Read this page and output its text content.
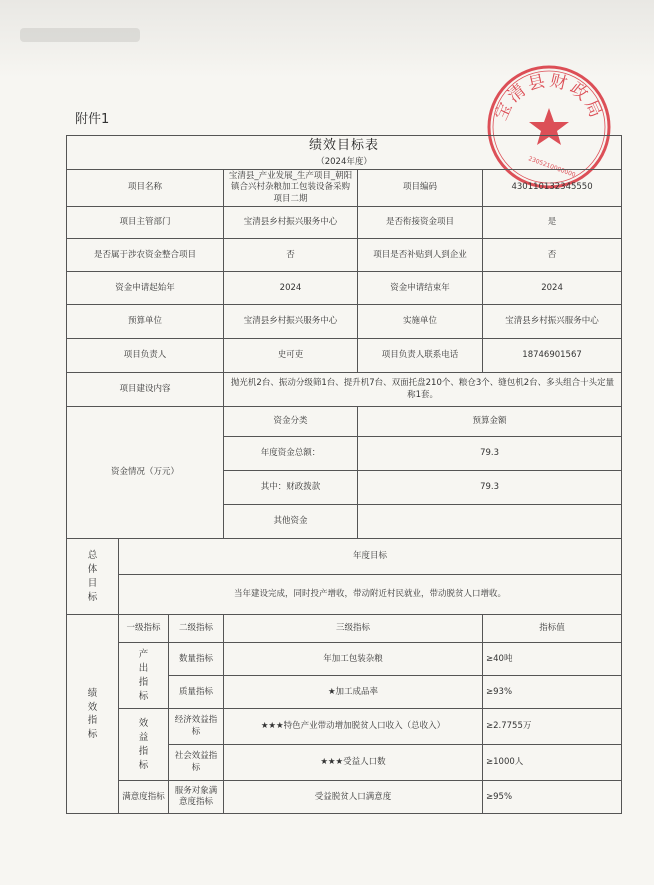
附件1	宝清县财政局
2305210000000
绩效目标表
（2024年度）					

项目名称			宝清县_产业发展_生产项目_朝阳镇合兴村杂粮加工包装设备采购项目二期	项目编码	430110132345550
项目主管部门			宝清县乡村振兴服务中心	是否衔接资金项目	是
是否属于涉农资金整合项目			否	项目是否补贴到人到企业	否
资金申请起始年			2024	资金申请结束年	2024
预算单位			宝清县乡村振兴服务中心	实施单位	宝清县乡村振兴服务中心
项目负责人			史可吏	项目负责人联系电话	18746901567
项目建设内容			抛光机2台、振动分级筛1台、提升机7台、双面托盘210个、粮仓3个、缝包机2台、多头组合十头定量称1套。		
资金情况（万元）			资金分类	预算金额	
			年度资金总额：	79.3	
			其中：财政拨款	79.3	
			其他资金		

总
体
目
标	年度目标				
	当年建设完成，同时投产增收，带动附近村民就业，带动脱贫人口增收。				

绩
效
指
标	一级指标	二级指标	三级指标		指标值

	产
出
指
标	数量指标	年加工包装杂粮		≥40吨
		质量指标	★加工成品率		≥93%

	效
益
指
标	经济效益指标	★★★特色产业带动增加脱贫人口收入（总收入）		≥2.7755万
		社会效益指标	★★★受益人口数		≥1000人
	满意度指标	服务对象满意度指标	受益脱贫人口满意度		≥95%
